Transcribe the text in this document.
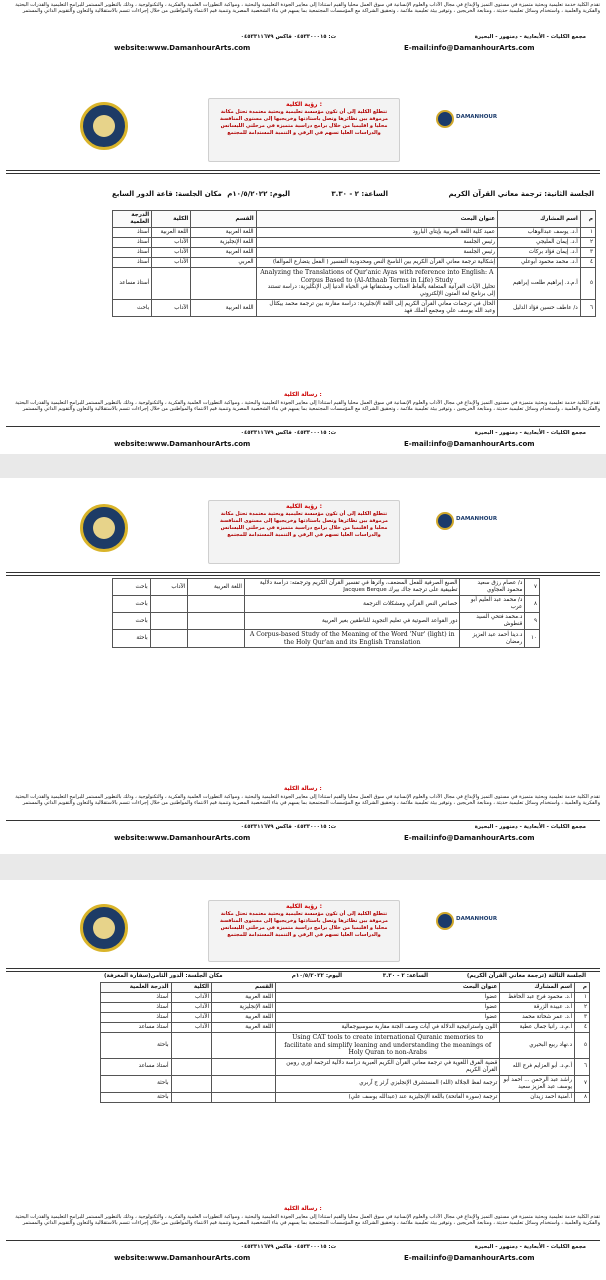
تقدم الكلية خدمة تعليمية وبحثية متميزة في مستوى التميز والإبداع في مجال الآداب والعلوم الإنسانية في سوق العمل محليا والقيم استنادا إلى معايير الجودة التعليمية والبحثية ، ومواكبة التطورات العلمية والفكرية ، والتكنولوجية ، وذلك بالتطوير المستمر للبرامج التعليمية والقدرات البحثية والفكرية والعلمية ، واستخدام وسائل تعليمية حديثة ، ومتابعة الخريجين ، وتوفير بيئة تعليمية ملائمة ، وتحقيق الشراكة مع المؤسسات المجتمعية بما يسهم في بناء الشخصية المصرية وتنمية قيم الانتماء والمواطنين من خلال إجراءات تتسم بالاستقلالية والتعاون والتقويم الذاتي والمستمر
مجمع الكليات - الأبعادية - دمنهور - البحيرة
ت: ٠٤٥٣٣٠٠٠١٥ فاكس ٠٤٥٣٣١١٦٧٩
website:www.DamanhourArts.com	E-mail:info@DamanhourArts.com
رؤية الكلية :
تتطلع الكلية إلى أن تكون مؤسسة تعليمية وبحثية معتمدة تحتل مكانة مرموقة بين نظائرها وتصل باستاذتها وخريجيها إلى مستوى المنافسة محليا و اقليميا من خلال برامج دراسية متميزة في مرحلتي الليسانس والدراسات العليا تسهم في الرقي و التنمية المستدامة للمجتمع
DAMANHOUR
الجلسة الثانية: ترجمة معاني القرآن الكريم
الساعة: ٢ - ٣.٣٠
اليوم: ١٠/٥/٢٠٢٢م
مكان الجلسة: قاعة الدور السابع
م	اسم المشارك	عنوان البحث	القسم	الكلية	الدرجة العلمية
١	أ.د. يوسف عبدالوهاب	عميد كلية اللغة العربية بإيتاي البارود	اللغة العربية	اللغة العربية	أستاذ
٢	أ.د. إيمان المليجي	رئيس الجلسة	اللغة الإنجليزية	الآداب	أستاذ
٣	أ.د. إيمان فؤاد بركات	رئيس الجلسة	اللغة العربية	الآداب	أستاذ
٤	أ.د. محمد محمود أبوعلي	إشكالية ترجمة معاني القرآن الكريم بين الناسخ النص ومحدودية التفسير ( الفعل يتضارع الموالفا)	العربي	الآداب	أستاذ
٥	أ.م.د. إبراهيم طلعت إبراهيم	Analyzing the Translations of Qur'anic Ayas with reference into English: A Corpus Based to (Al-Athaab Terms in Life) Study
تحليل الآيات القرآنية المتعلقة بألفاظ العذاب ومشتقاتها في الحياة الدنيا إلى الإنكليزية: دراسة تستند إلى برنامج لغة المتون الإلكتروني			أستاذ مساعد
٦	د/ عاطف حسين فؤاد الدليل	الحال في ترجمات معاني القرآن الكريم إلى اللغة الإنجليزية: دراسة مقارنة بين ترجمة محمد بيكثال وعبد الله يوسف علي ومجمع الملك فهد	اللغة العربية	الآداب	باحث
رسالة الكلية :
تقدم الكلية خدمة تعليمية وبحثية متميزة في مستوى التميز والإبداع في مجال الآداب والعلوم الإنسانية في سوق العمل محليا والقيم استنادا إلى معايير الجودة التعليمية والبحثية ، ومواكبة التطورات العلمية والفكرية ، والتكنولوجية ، وذلك بالتطوير المستمر للبرامج التعليمية والقدرات البحثية والفكرية والعلمية ، واستخدام وسائل تعليمية حديثة ، ومتابعة الخريجين ، وتوفير بيئة تعليمية ملائمة ، وتحقيق الشراكة مع المؤسسات المجتمعية بما يسهم في بناء الشخصية المصرية وتنمية قيم الانتماء والمواطنين من خلال إجراءات تتسم بالاستقلالية والتعاون والتقويم الذاتي والمستمر
مجمع الكليات - الأبعادية - دمنهور - البحيرة
ت: ٠٤٥٣٣٠٠٠١٥ فاكس ٠٤٥٣٣١١٦٧٩
website:www.DamanhourArts.com	E-mail:info@DamanhourArts.com
رؤية الكلية :
تتطلع الكلية إلى أن تكون مؤسسة تعليمية وبحثية معتمدة تحتل مكانة مرموقة بين نظائرها وتصل باستاذتها وخريجيها إلى مستوى المنافسة محليا و اقليميا من خلال برامج دراسية متميزة في مرحلتي الليسانس والدراسات العليا تسهم في الرقي و التنمية المستدامة للمجتمع
DAMANHOUR
٧	د/ عصام رزق سعيد محمود العجاوي	الصيغ الصرفية للفعل المضعف، وأثرها في تفسير القرآن الكريم وترجمته: دراسة دلالية تطبيقية على ترجمة جاك بيرك Jacques Berque	اللغة العربية	الآداب	باحث
٨	د/ محمد عبد العليم أبو عرب	خصائص النص القرآني ومشكلات الترجمة			باحث
٩	د.محمد فتحي السيد قنطوش	دور القواعد الصوتية في تعليم التجويد للناطقين بغير العربية			باحث
١٠	د.دينا أحمد عبد العزيز رمضان	A Corpus-based Study of the Meaning of the Word 'Nur' (light) in the Holy Qur'an and its English Translation			باحثة
رسالة الكلية :
تقدم الكلية خدمة تعليمية وبحثية متميزة في مستوى التميز والإبداع في مجال الآداب والعلوم الإنسانية في سوق العمل محليا والقيم استنادا إلى معايير الجودة التعليمية والبحثية ، ومواكبة التطورات العلمية والفكرية ، والتكنولوجية ، وذلك بالتطوير المستمر للبرامج التعليمية والقدرات البحثية والفكرية والعلمية ، واستخدام وسائل تعليمية حديثة ، ومتابعة الخريجين ، وتوفير بيئة تعليمية ملائمة ، وتحقيق الشراكة مع المؤسسات المجتمعية بما يسهم في بناء الشخصية المصرية وتنمية قيم الانتماء والمواطنين من خلال إجراءات تتسم بالاستقلالية والتعاون والتقويم الذاتي والمستمر
مجمع الكليات - الأبعادية - دمنهور - البحيرة
ت: ٠٤٥٣٣٠٠٠١٥ فاكس ٠٤٥٣٣١١٦٧٩
website:www.DamanhourArts.com	E-mail:info@DamanhourArts.com
رؤية الكلية :
تتطلع الكلية إلى أن تكون مؤسسة تعليمية وبحثية معتمدة تحتل مكانة مرموقة بين نظائرها وتصل باستاذتها وخريجيها إلى مستوى المنافسة محليا و اقليميا من خلال برامج دراسية متميزة في مرحلتي الليسانس والدراسات العليا تسهم في الرقي و التنمية المستدامة للمجتمع
DAMANHOUR
الجلسة الثالثة (ترجمة معاني القرآن الكريم)
الساعة: ٢ - ٣.٣٠
اليوم: ١٠/٥/٢٠٢٢م
مكان الجلسة: الدور الثامن(سفارة المعرفة)
م	اسم المشارك	عنوان البحث	القسم	الكلية	الدرجة العلمية
١	أ.د. محمود فرج عبد الحافظ	عضوا	اللغة العربية	الآداب	أستاذ
٢	أ.د. عبيدة الزرقة	عضوا	اللغة الإنجليزية	الآداب	أستاذ
٣	أ.د. عمر شحاتة محمد	عضوا	اللغة العربية	الآداب	أستاذ
٤	أ.م.د. رانيا جمال عطية	اللون واستراتيجية الدلالة في آيات وصف الجنة مقاربة سوسيوجمالية	اللغة العربية	الآداب	أستاذ مساعد
٥	د.نهاد ربيع البحيري	Using CAT tools to create international Quranic memories to facilitate and simplify leaning and understanding the meanings of Holy Quran to non-Arabs			باحثة
٦	أ.م.د. أبو العزايم فرج الله	قضية الفرق اللغوية في ترجمة معاني القرآن الكريم العبرية دراسة دلالية لترجمة أوري روبين القرآن الكريم			أستاذ مساعد
٧	راشد عبد الرحمن ... أحمد أبو يوسف عبد العزيز سعيد	ترجمة لفظ الجلالة (الله) المستشرق الإنجليزي آرثر ج آربري			باحثة
٨	أ.أمنية أحمد زيدان	ترجمة (سورة الفاتحة) باللغة الإنجليزية عند (عبدالله يوسف علي)			باحثة
رسالة الكلية :
تقدم الكلية خدمة تعليمية وبحثية متميزة في مستوى التميز والإبداع في مجال الآداب والعلوم الإنسانية في سوق العمل محليا والقيم استنادا إلى معايير الجودة التعليمية والبحثية ، ومواكبة التطورات العلمية والفكرية ، والتكنولوجية ، وذلك بالتطوير المستمر للبرامج التعليمية والقدرات البحثية والفكرية والعلمية ، واستخدام وسائل تعليمية حديثة ، ومتابعة الخريجين ، وتوفير بيئة تعليمية ملائمة ، وتحقيق الشراكة مع المؤسسات المجتمعية بما يسهم في بناء الشخصية المصرية وتنمية قيم الانتماء والمواطنين من خلال إجراءات تتسم بالاستقلالية والتعاون والتقويم الذاتي والمستمر
مجمع الكليات - الأبعادية - دمنهور - البحيرة
ت: ٠٤٥٣٣٠٠٠١٥ فاكس ٠٤٥٣٣١١٦٧٩
website:www.DamanhourArts.com	E-mail:info@DamanhourArts.com
